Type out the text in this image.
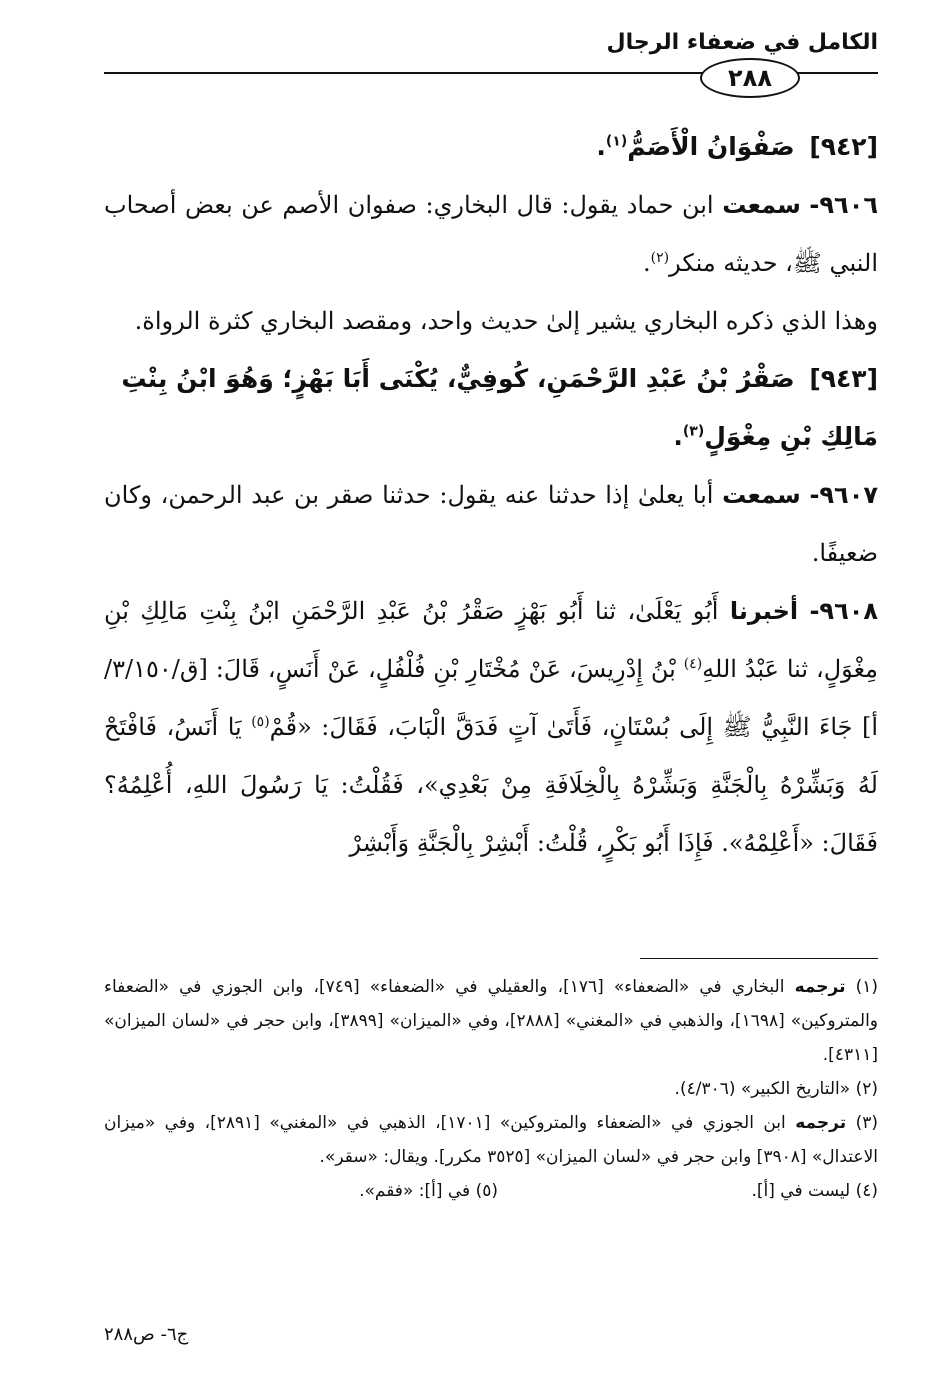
الكامل في ضعفاء الرجال
٢٨٨
[٩٤٢] صَفْوَانُ الْأَصَمُّ$^{(١)}$.
٩٦٠٦- سمعت ابن حماد يقول: قال البخاري: صفوان الأصم عن بعض أصحاب النبي ﷺ، حديثه منكر$^{(٢)}$.
وهذا الذي ذكره البخاري يشير إلىٰ حديث واحد، ومقصد البخاري كثرة الرواة.
[٩٤٣] صَقْرُ بْنُ عَبْدِ الرَّحْمَنِ، كُوفِيٌّ، يُكْنَى أَبَا بَهْزٍ؛ وَهُوَ ابْنُ بِنْتِ مَالِكِ بْنِ مِغْوَلٍ$^{(٣)}$.
٩٦٠٧- سمعت أبا يعلىٰ إذا حدثنا عنه يقول: حدثنا صقر بن عبد الرحمن، وكان ضعيفًا.
٩٦٠٨- أخبرنا أَبُو يَعْلَىٰ، ثنا أَبُو بَهْزٍ صَقْرُ بْنُ عَبْدِ الرَّحْمَنِ ابْنُ بِنْتِ مَالِكِ بْنِ مِغْوَلٍ، ثنا عَبْدُ اللهِ$^{(٤)}$ بْنُ إِدْرِيسَ، عَنْ مُخْتَارِ بْنِ فُلْفُلٍ، عَنْ أَنَسٍ، قَالَ: [ق/٣/١٥٠/أ] جَاءَ النَّبِيُّ ﷺ إِلَى بُسْتَانٍ، فَأَتَىٰ آتٍ فَدَقَّ الْبَابَ، فَقَالَ: «قُمْ$^{(٥)}$ يَا أَنَسُ، فَافْتَحْ لَهُ وَبَشِّرْهُ بِالْجَنَّةِ وَبَشِّرْهُ بِالْخِلَافَةِ مِنْ بَعْدِي»، فَقُلْتُ: يَا رَسُولَ اللهِ، أُعْلِمُهُ؟ فَقَالَ: «أَعْلِمْهُ». فَإِذَا أَبُو بَكْرٍ، قُلْتُ: أَبْشِرْ بِالْجَنَّةِ وَأَبْشِرْ
(١) ترجمه البخاري في «الضعفاء» [١٧٦]، والعقيلي في «الضعفاء» [٧٤٩]، وابن الجوزي في «الضعفاء والمتروكين» [١٦٩٨]، والذهبي في «المغني» [٢٨٨٨]، وفي «الميزان» [٣٨٩٩]، وابن حجر في «لسان الميزان» [٤٣١١].
(٢) «التاريخ الكبير» (٤/٣٠٦).
(٣) ترجمه ابن الجوزي في «الضعفاء والمتروكين» [١٧٠١]، الذهبي في «المغني» [٢٨٩١]، وفي «ميزان الاعتدال» [٣٩٠٨] وابن حجر في «لسان الميزان» [٣٥٢٥ مكرر]. ويقال: «سقر».
(٤) ليست في [أ].
(٥) في [أ]: «فقم».
ج٦- ص٢٨٨
